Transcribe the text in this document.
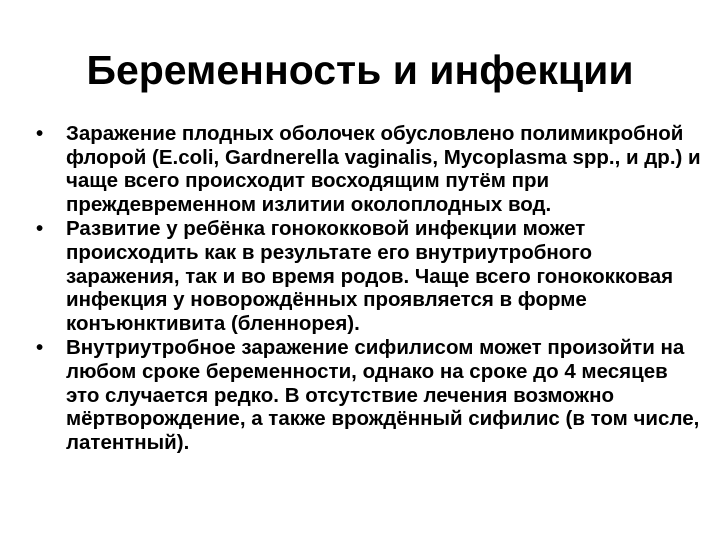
Беременность и инфекции
•	Заражение плодных оболочек обусловлено полимикробной флорой (E.coli, Gardnerella vaginalis, Mycoplasma spp., и др.) и чаще всего происходит восходящим путём при преждевременном излитии околоплодных вод.
•	Развитие у ребёнка гонококковой инфекции может происходить как в результате его внутриутробного заражения, так и во время родов. Чаще всего гонококковая инфекция у новорождённых проявляется в форме конъюнктивита (бленнорея).
•	Внутриутробное заражение сифилисом может произойти на любом сроке беременности, однако на сроке до 4 месяцев это случается редко. В отсутствие лечения возможно мёртворождение, а также врождённый сифилис (в том числе, латентный).
